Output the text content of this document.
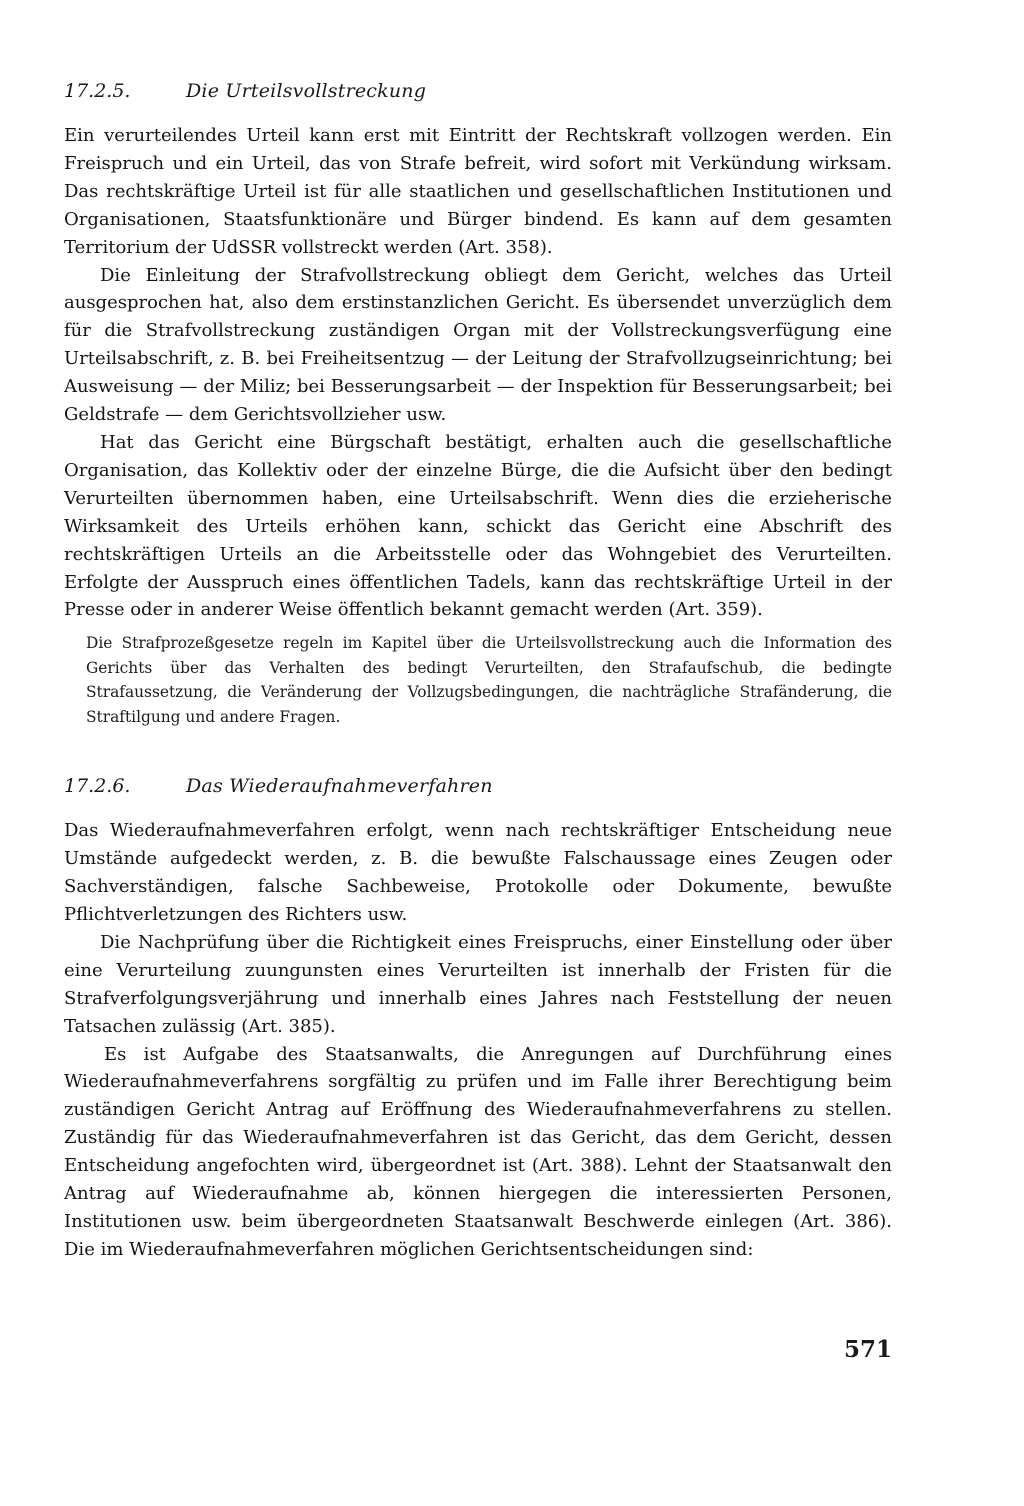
17.2.5.	Die Urteilsvollstreckung

Ein verurteilendes Urteil kann erst mit Eintritt der Rechtskraft vollzogen werden. Ein Freispruch und ein Urteil, das von Strafe befreit, wird sofort mit Verkündung wirksam. Das rechtskräftige Urteil ist für alle staatlichen und gesellschaftlichen Institutionen und Organisationen, Staatsfunktionäre und Bürger bindend. Es kann auf dem gesamten Territorium der UdSSR vollstreckt werden (Art. 358).

Die Einleitung der Strafvollstreckung obliegt dem Gericht, welches das Urteil ausgesprochen hat, also dem erstinstanzlichen Gericht. Es übersendet unverzüglich dem für die Strafvollstreckung zuständigen Organ mit der Vollstreckungsverfügung eine Urteilsabschrift, z. B. bei Freiheitsentzug — der Leitung der Strafvollzugseinrichtung; bei Ausweisung — der Miliz; bei Besserungsarbeit — der Inspektion für Besserungsarbeit; bei Geldstrafe — dem Gerichtsvollzieher usw.

Hat das Gericht eine Bürgschaft bestätigt, erhalten auch die gesellschaftliche Organisation, das Kollektiv oder der einzelne Bürge, die die Aufsicht über den bedingt Verurteilten übernommen haben, eine Urteilsabschrift. Wenn dies die erzieherische Wirksamkeit des Urteils erhöhen kann, schickt das Gericht eine Abschrift des rechtskräftigen Urteils an die Arbeitsstelle oder das Wohngebiet des Verurteilten. Erfolgte der Ausspruch eines öffentlichen Tadels, kann das rechtskräftige Urteil in der Presse oder in anderer Weise öffentlich bekannt gemacht werden (Art. 359).

Die Strafprozeßgesetze regeln im Kapitel über die Urteilsvollstreckung auch die Information des Gerichts über das Verhalten des bedingt Verurteilten, den Strafaufschub, die bedingte Strafaussetzung, die Veränderung der Vollzugsbedingungen, die nachträgliche Strafänderung, die Straftilgung und andere Fragen.

17.2.6.	Das Wiederaufnahmeverfahren

Das Wiederaufnahmeverfahren erfolgt, wenn nach rechtskräftiger Entscheidung neue Umstände aufgedeckt werden, z. B. die bewußte Falschaussage eines Zeugen oder Sachverständigen, falsche Sachbeweise, Protokolle oder Dokumente, bewußte Pflichtverletzungen des Richters usw.

Die Nachprüfung über die Richtigkeit eines Freispruchs, einer Einstellung oder über eine Verurteilung zuungunsten eines Verurteilten ist innerhalb der Fristen für die Strafverfolgungsverjährung und innerhalb eines Jahres nach Feststellung der neuen Tatsachen zulässig (Art. 385).

Es ist Aufgabe des Staatsanwalts, die Anregungen auf Durchführung eines Wiederaufnahmeverfahrens sorgfältig zu prüfen und im Falle ihrer Berechtigung beim zuständigen Gericht Antrag auf Eröffnung des Wiederaufnahmeverfahrens zu stellen. Zuständig für das Wiederaufnahmeverfahren ist das Gericht, das dem Gericht, dessen Entscheidung angefochten wird, übergeordnet ist (Art. 388). Lehnt der Staatsanwalt den Antrag auf Wiederaufnahme ab, können hiergegen die interessierten Personen, Institutionen usw. beim übergeordneten Staatsanwalt Beschwerde einlegen (Art. 386). Die im Wiederaufnahmeverfahren möglichen Gerichtsentscheidungen sind:

571
